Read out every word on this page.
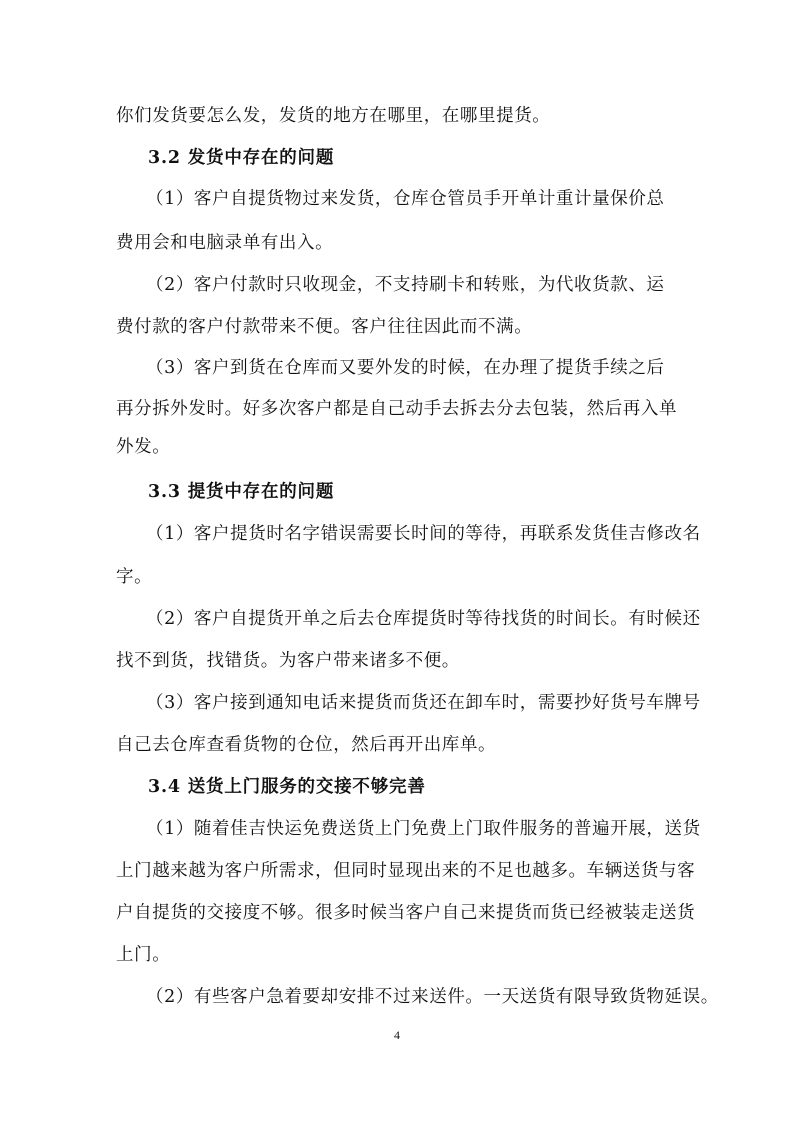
你们发货要怎么发，发货的地方在哪里，在哪里提货。
3.2 发货中存在的问题
（1）客户自提货物过来发货，仓库仓管员手开单计重计量保价总
费用会和电脑录单有出入。
（2）客户付款时只收现金，不支持刷卡和转账，为代收货款、运
费付款的客户付款带来不便。客户往往因此而不满。
（3）客户到货在仓库而又要外发的时候，在办理了提货手续之后
再分拆外发时。好多次客户都是自己动手去拆去分去包装，然后再入单
外发。
3.3 提货中存在的问题
（1）客户提货时名字错误需要长时间的等待，再联系发货佳吉修改名
字。
（2）客户自提货开单之后去仓库提货时等待找货的时间长。有时候还
找不到货，找错货。为客户带来诸多不便。
（3）客户接到通知电话来提货而货还在卸车时，需要抄好货号车牌号
自己去仓库查看货物的仓位，然后再开出库单。
3.4 送货上门服务的交接不够完善
（1）随着佳吉快运免费送货上门免费上门取件服务的普遍开展，送货
上门越来越为客户所需求，但同时显现出来的不足也越多。车辆送货与客
户自提货的交接度不够。很多时候当客户自己来提货而货已经被装走送货
上门。
（2）有些客户急着要却安排不过来送件。一天送货有限导致货物延误。
4
